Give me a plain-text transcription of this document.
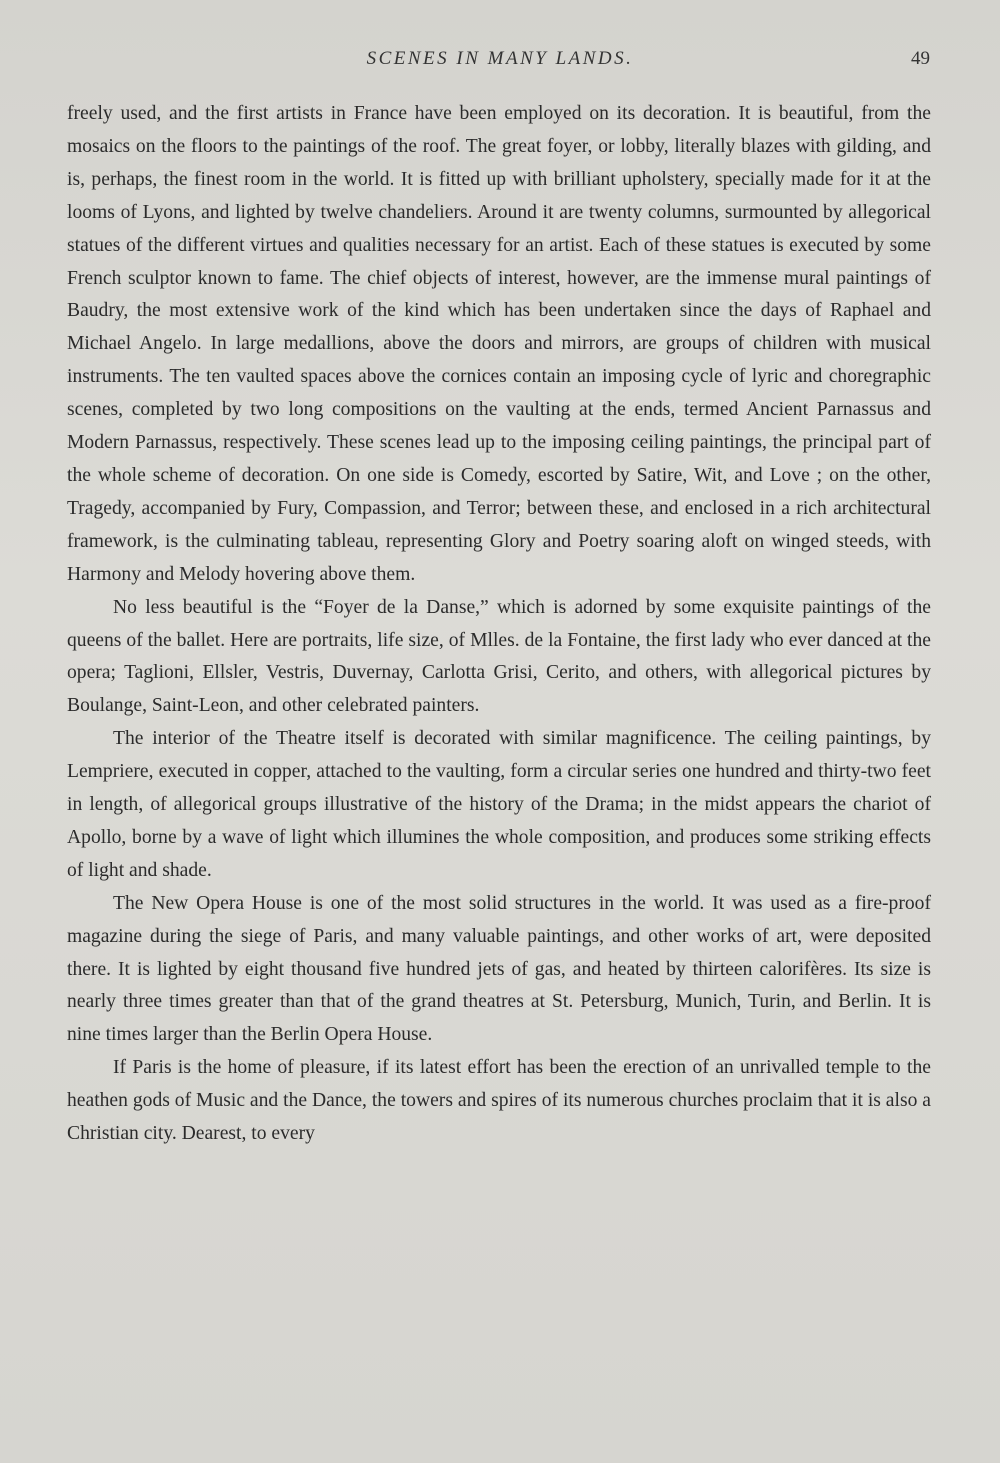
SCENES IN MANY LANDS.	49

freely used, and the first artists in France have been employed on its decoration. It is beautiful, from the mosaics on the floors to the paintings of the roof. The great foyer, or lobby, literally blazes with gilding, and is, perhaps, the finest room in the world. It is fitted up with brilliant upholstery, specially made for it at the looms of Lyons, and lighted by twelve chandeliers. Around it are twenty columns, surmounted by allegorical statues of the different virtues and qualities necessary for an artist. Each of these statues is executed by some French sculptor known to fame. The chief objects of interest, however, are the immense mural paintings of Baudry, the most extensive work of the kind which has been undertaken since the days of Raphael and Michael Angelo. In large medallions, above the doors and mirrors, are groups of children with musical instruments. The ten vaulted spaces above the cornices contain an imposing cycle of lyric and choregraphic scenes, completed by two long compositions on the vaulting at the ends, termed Ancient Parnassus and Modern Parnassus, respectively. These scenes lead up to the imposing ceiling paintings, the principal part of the whole scheme of decoration. On one side is Comedy, escorted by Satire, Wit, and Love ; on the other, Tragedy, accompanied by Fury, Compassion, and Terror; between these, and enclosed in a rich architectural framework, is the culminating tableau, representing Glory and Poetry soaring aloft on winged steeds, with Harmony and Melody hovering above them.

No less beautiful is the “Foyer de la Danse,” which is adorned by some exquisite paintings of the queens of the ballet. Here are portraits, life size, of Mlles. de la Fontaine, the first lady who ever danced at the opera; Taglioni, Ellsler, Vestris, Duvernay, Carlotta Grisi, Cerito, and others, with allegorical pictures by Boulange, Saint-Leon, and other celebrated painters.

The interior of the Theatre itself is decorated with similar magnificence. The ceiling paintings, by Lempriere, executed in copper, attached to the vaulting, form a circular series one hundred and thirty-two feet in length, of allegorical groups illustrative of the history of the Drama; in the midst appears the chariot of Apollo, borne by a wave of light which illumines the whole composition, and produces some striking effects of light and shade.

The New Opera House is one of the most solid structures in the world. It was used as a fire-proof magazine during the siege of Paris, and many valuable paintings, and other works of art, were deposited there. It is lighted by eight thousand five hundred jets of gas, and heated by thirteen calorifères. Its size is nearly three times greater than that of the grand theatres at St. Petersburg, Munich, Turin, and Berlin. It is nine times larger than the Berlin Opera House.

If Paris is the home of pleasure, if its latest effort has been the erection of an unrivalled temple to the heathen gods of Music and the Dance, the towers and spires of its numerous churches proclaim that it is also a Christian city. Dearest, to every
